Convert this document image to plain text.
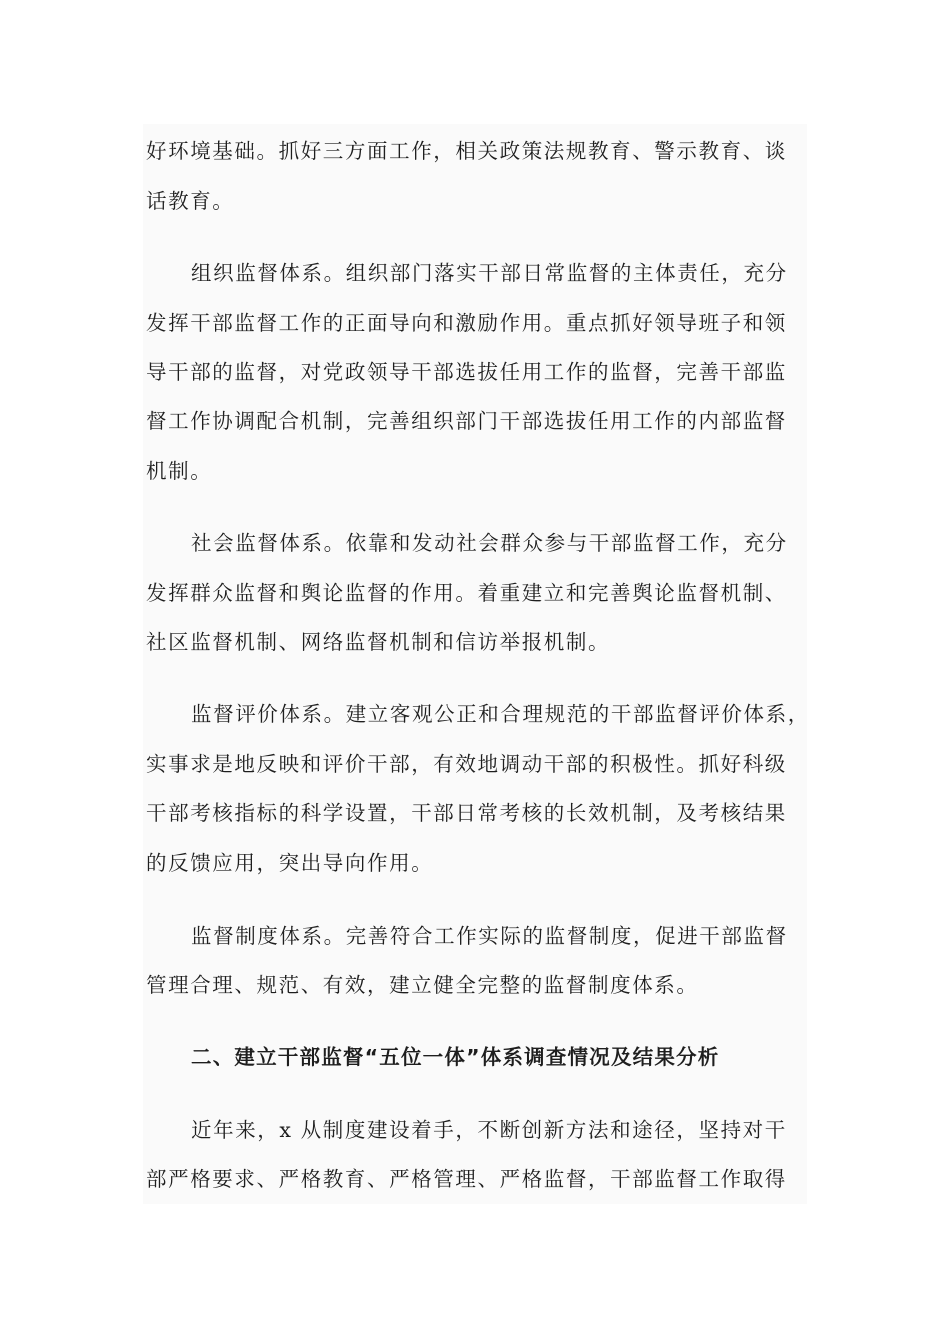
好环境基础。抓好三方面工作，相关政策法规教育、警示教育、谈
话教育。
组织监督体系。组织部门落实干部日常监督的主体责任，充分
发挥干部监督工作的正面导向和激励作用。重点抓好领导班子和领
导干部的监督，对党政领导干部选拔任用工作的监督，完善干部监
督工作协调配合机制，完善组织部门干部选拔任用工作的内部监督
机制。
社会监督体系。依靠和发动社会群众参与干部监督工作，充分
发挥群众监督和舆论监督的作用。着重建立和完善舆论监督机制、
社区监督机制、网络监督机制和信访举报机制。
监督评价体系。建立客观公正和合理规范的干部监督评价体系，
实事求是地反映和评价干部，有效地调动干部的积极性。抓好科级
干部考核指标的科学设置，干部日常考核的长效机制，及考核结果
的反馈应用，突出导向作用。
监督制度体系。完善符合工作实际的监督制度，促进干部监督
管理合理、规范、有效，建立健全完整的监督制度体系。
二、建立干部监督“五位一体”体系调查情况及结果分析
近年来，x 从制度建设着手，不断创新方法和途径，坚持对干
部严格要求、严格教育、严格管理、严格监督，干部监督工作取得
